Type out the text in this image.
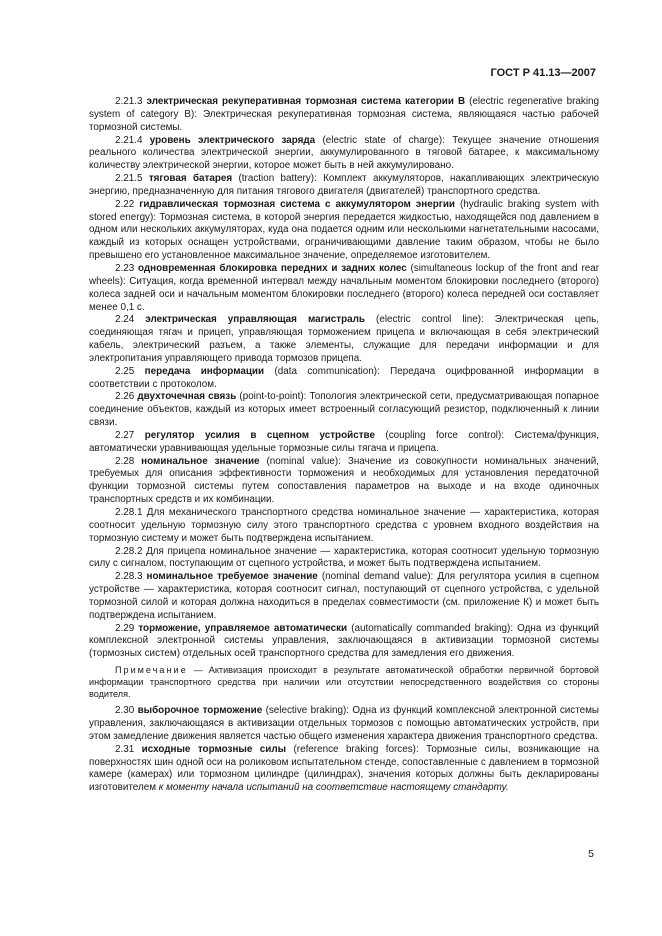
ГОСТ Р 41.13—2007

2.21.3 электрическая рекуперативная тормозная система категории В (electric regenerative braking system of category B): Электрическая рекуперативная тормозная система, являющаяся частью рабочей тормозной системы.

2.21.4 уровень электрического заряда (electric state of charge): Текущее значение отношения реального количества электрической энергии, аккумулированного в тяговой батарее, к максимальному количеству электрической энергии, которое может быть в ней аккумулировано.

2.21.5 тяговая батарея (traction battery): Комплект аккумуляторов, накапливающих электрическую энергию, предназначенную для питания тягового двигателя (двигателей) транспортного средства.

2.22 гидравлическая тормозная система с аккумулятором энергии (hydraulic braking system with stored energy): Тормозная система, в которой энергия передается жидкостью, находящейся под давлением в одном или нескольких аккумуляторах, куда она подается одним или несколькими нагнетательными насосами, каждый из которых оснащен устройствами, ограничивающими давление таким образом, чтобы не было превышено его установленное максимальное значение, определяемое изготовителем.

2.23 одновременная блокировка передних и задних колес (simultaneous lockup of the front and rear wheels): Ситуация, когда временной интервал между начальным моментом блокировки последнего (второго) колеса задней оси и начальным моментом блокировки последнего (второго) колеса передней оси составляет менее 0,1 с.

2.24 электрическая управляющая магистраль (electric control line): Электрическая цепь, соединяющая тягач и прицеп, управляющая торможением прицепа и включающая в себя электрический кабель, электрический разъем, а также элементы, служащие для передачи информации и для электропитания управляющего привода тормозов прицепа.

2.25 передача информации (data communication): Передача оцифрованной информации в соответствии с протоколом.

2.26 двухточечная связь (point-to-point): Топология электрической сети, предусматривающая попарное соединение объектов, каждый из которых имеет встроенный согласующий резистор, подключенный к линии связи.

2.27 регулятор усилия в сцепном устройстве (coupling force control): Система/функция, автоматически уравнивающая удельные тормозные силы тягача и прицепа.

2.28 номинальное значение (nominal value): Значение из совокупности номинальных значений, требуемых для описания эффективности торможения и необходимых для установления передаточной функции тормозной системы путем сопоставления параметров на выходе и на входе одиночных транспортных средств и их комбинации.

2.28.1 Для механического транспортного средства номинальное значение — характеристика, которая соотносит удельную тормозную силу этого транспортного средства с уровнем входного воздействия на тормозную систему и может быть подтверждена испытанием.

2.28.2 Для прицепа номинальное значение — характеристика, которая соотносит удельную тормозную силу с сигналом, поступающим от сцепного устройства, и может быть подтверждена испытанием.

2.28.3 номинальное требуемое значение (nominal demand value): Для регулятора усилия в сцепном устройстве — характеристика, которая соотносит сигнал, поступающий от сцепного устройства, с удельной тормозной силой и которая должна находиться в пределах совместимости (см. приложение К) и может быть подтверждена испытанием.

2.29 торможение, управляемое автоматически (automatically commanded braking): Одна из функций комплексной электронной системы управления, заключающаяся в активизации тормозной системы (тормозных систем) отдельных осей транспортного средства для замедления его движения.

Примечание — Активизация происходит в результате автоматической обработки первичной бортовой информации транспортного средства при наличии или отсутствии непосредственного воздействия со стороны водителя.

2.30 выборочное торможение (selective braking): Одна из функций комплексной электронной системы управления, заключающаяся в активизации отдельных тормозов с помощью автоматических устройств, при этом замедление движения является частью общего изменения характера движения транспортного средства.

2.31 исходные тормозные силы (reference braking forces): Тормозные силы, возникающие на поверхностях шин одной оси на роликовом испытательном стенде, сопоставленные с давлением в тормозной камере (камерах) или тормозном цилиндре (цилиндрах), значения которых должны быть декларированы изготовителем к моменту начала испытаний на соответствие настоящему стандарту.

5
